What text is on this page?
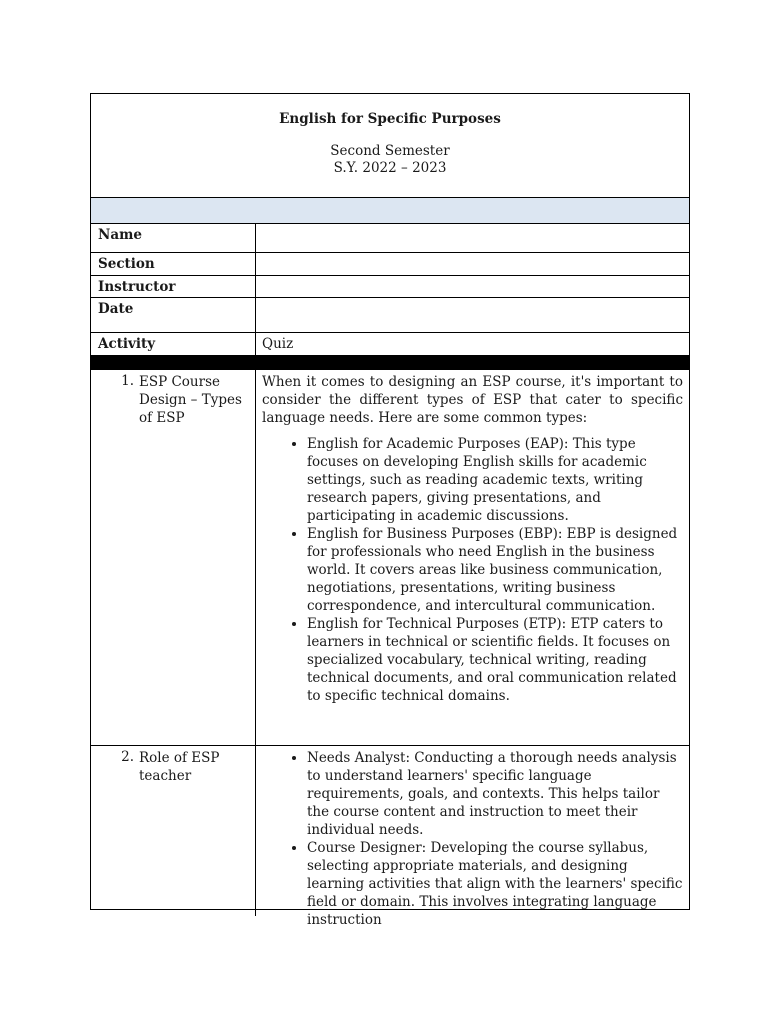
English for Specific Purposes
Second Semester
S.Y. 2022 – 2023
Name
Section
Instructor
Date
Activity	Quiz
1. ESP Course Design – Types of ESP
When it comes to designing an ESP course, it's important to consider the different types of ESP that cater to specific language needs. Here are some common types:
• English for Academic Purposes (EAP): This type focuses on developing English skills for academic settings, such as reading academic texts, writing research papers, giving presentations, and participating in academic discussions.
• English for Business Purposes (EBP): EBP is designed for professionals who need English in the business world. It covers areas like business communication, negotiations, presentations, writing business correspondence, and intercultural communication.
• English for Technical Purposes (ETP): ETP caters to learners in technical or scientific fields. It focuses on specialized vocabulary, technical writing, reading technical documents, and oral communication related to specific technical domains.
2. Role of ESP teacher
• Needs Analyst: Conducting a thorough needs analysis to understand learners' specific language requirements, goals, and contexts. This helps tailor the course content and instruction to meet their individual needs.
• Course Designer: Developing the course syllabus, selecting appropriate materials, and designing learning activities that align with the learners' specific field or domain. This involves integrating language instruction
